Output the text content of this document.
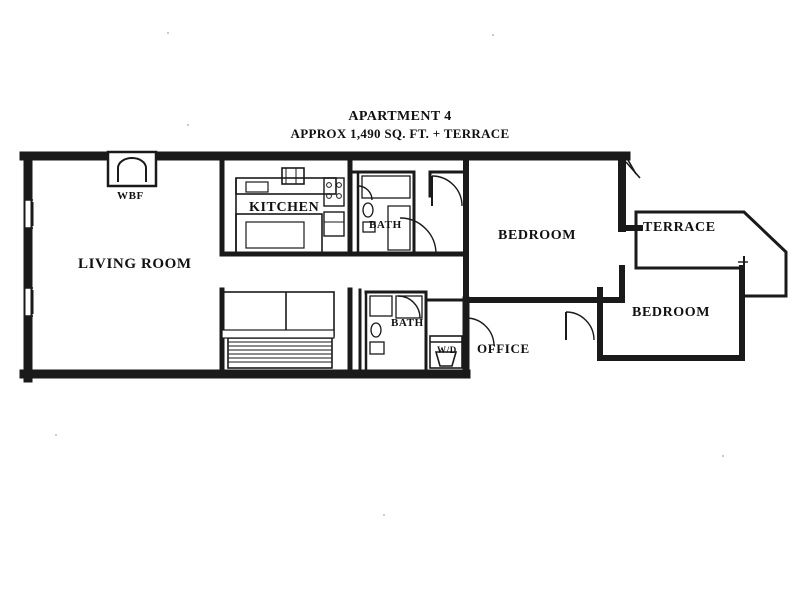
APARTMENT 4
APPROX 1,490 SQ. FT. + TERRACE
LIVING ROOM
KITCHEN
BATH
BATH
BEDROOM
BEDROOM
OFFICE
TERRACE
WBF
W/D
